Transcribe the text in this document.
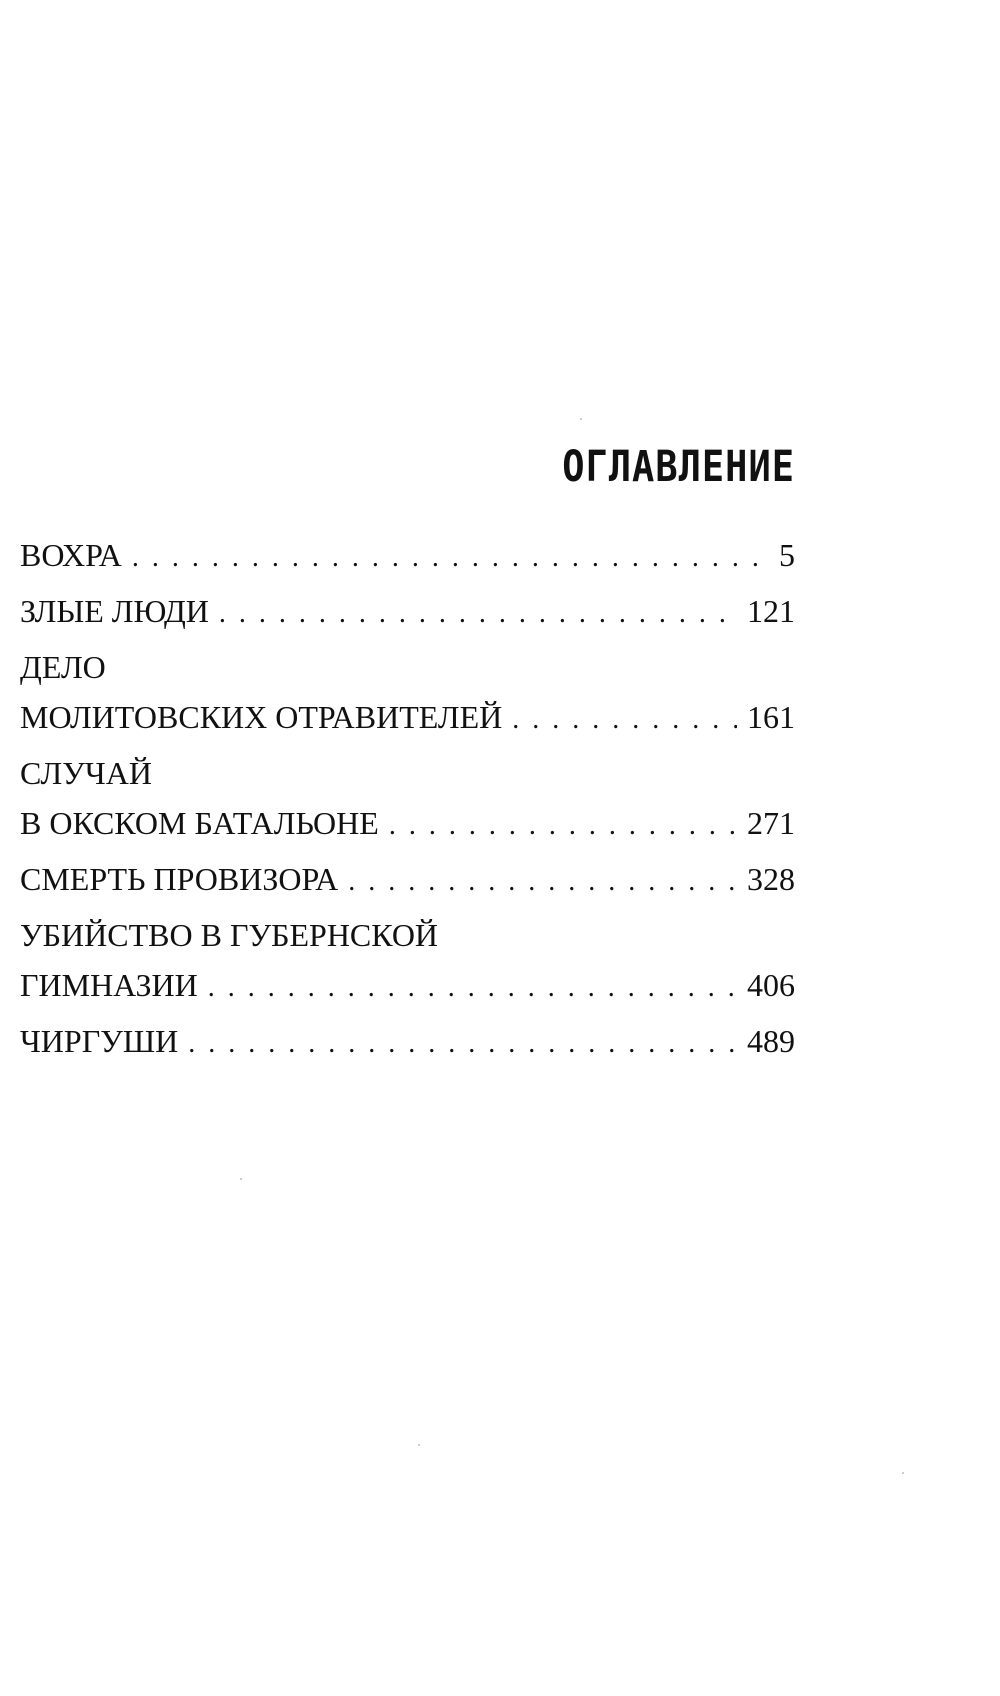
ОГЛАВЛЕНИЕ
ВОХРА . . .	5
ЗЛЫЕ ЛЮДИ . . .	121
ДЕЛО
МОЛИТОВСКИХ ОТРАВИТЕЛЕЙ . . .	161
СЛУЧАЙ
В ОКСКОМ БАТАЛЬОНЕ . . .	271
СМЕРТЬ ПРОВИЗОРА . . .	328
УБИЙСТВО В ГУБЕРНСКОЙ
ГИМНАЗИИ . . .	406
ЧИРГУШИ . . .	489
